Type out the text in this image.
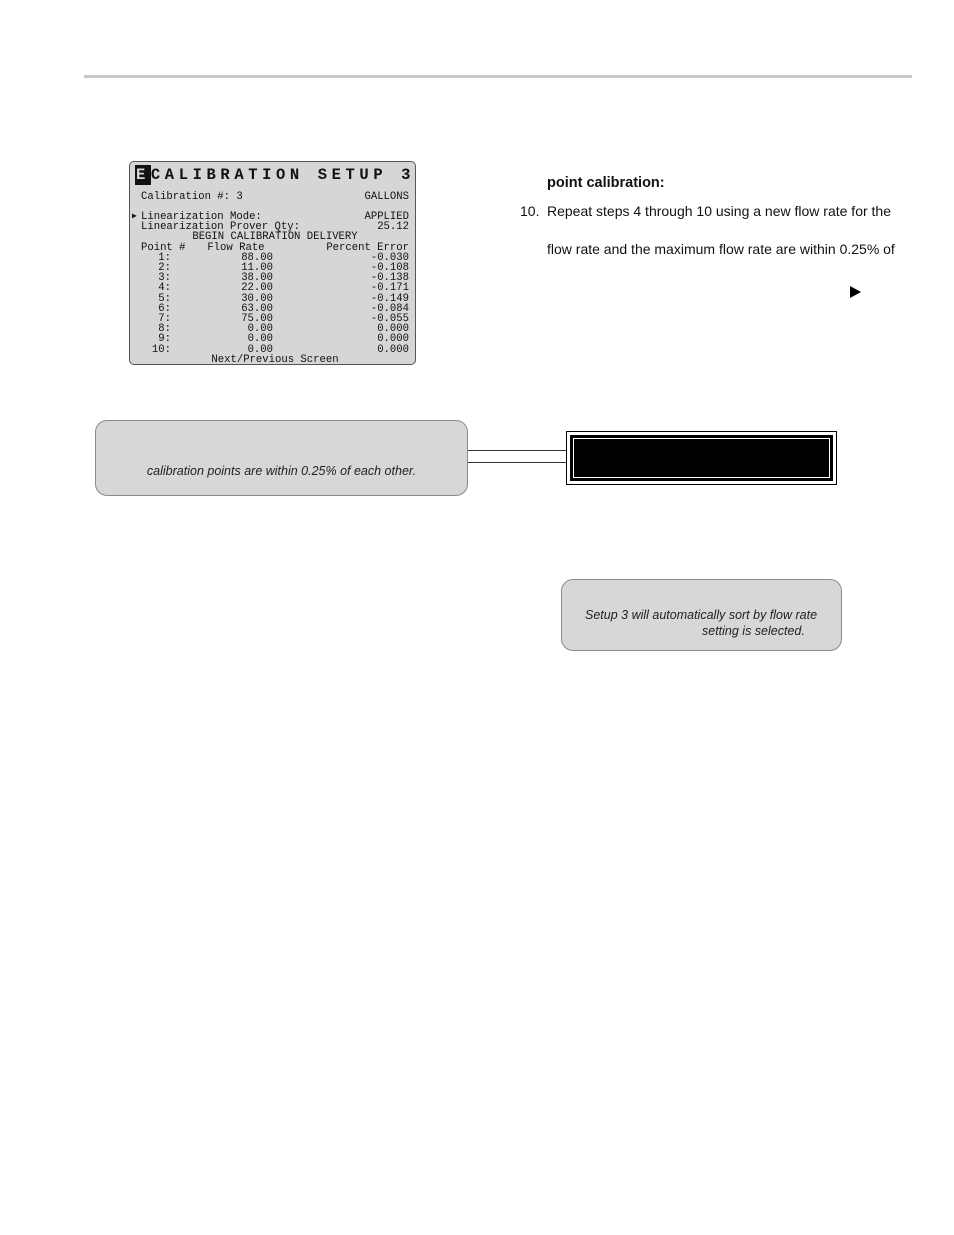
ECALIBRATION SETUP 3
Calibration #: 3	GALLONS
▶ Linearization Mode:	APPLIED
Linearization Prover Qty:	25.12
BEGIN CALIBRATION DELIVERY
Point # Flow Rate	Percent Error
1:	88.00	-0.030
2:	11.00	-0.108
3:	38.00	-0.138
4:	22.00	-0.171
5:	30.00	-0.149
6:	63.00	-0.084
7:	75.00	-0.055
8:	0.00	0.000
9:	0.00	0.000
10:	0.00	0.000
Next/Previous Screen
point calibration:
10. Repeat steps 4 through 10 using a new flow rate for the
flow rate and the maximum flow rate are within 0.25% of
calibration points are within 0.25% of each other.
Setup 3 will automatically sort by flow rate
setting is selected.
